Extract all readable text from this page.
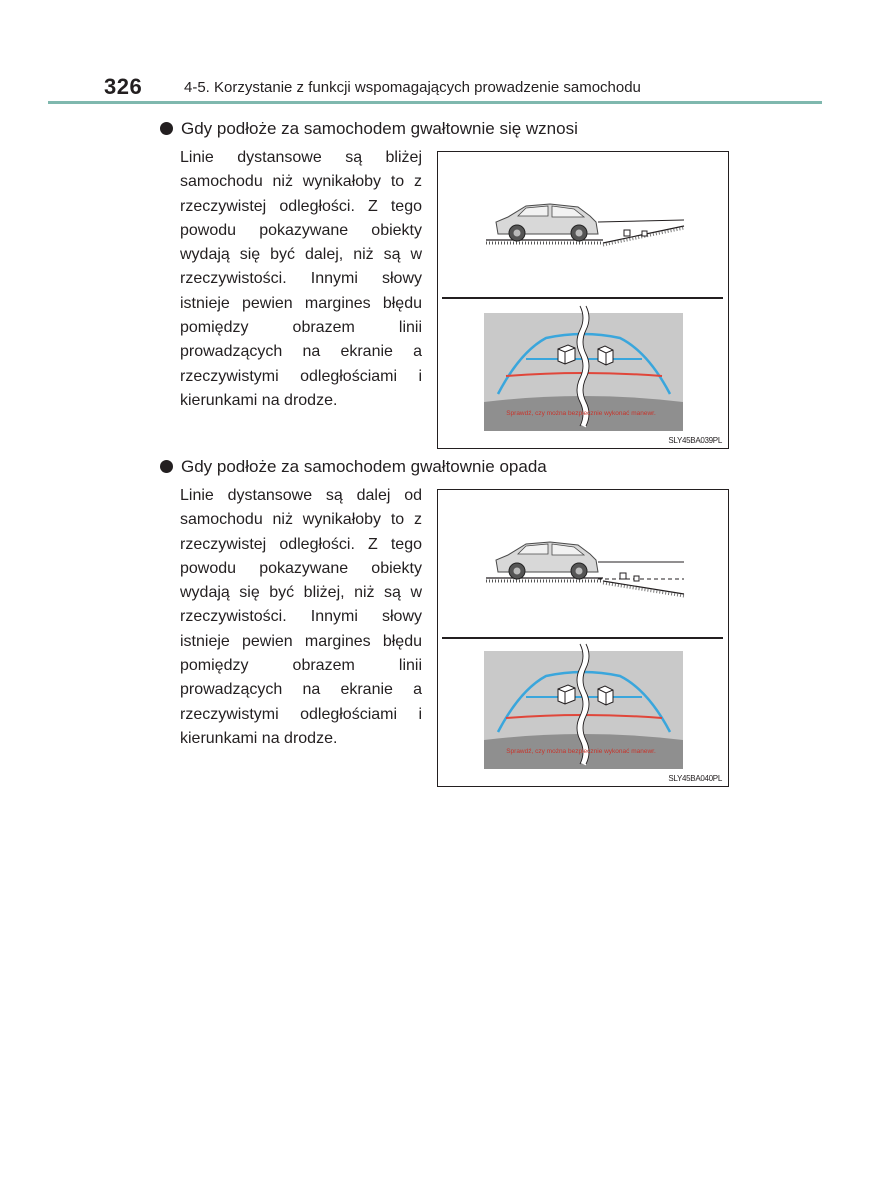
326	4-5. Korzystanie z funkcji wspomagających prowadzenie samochodu
Gdy podłoże za samochodem gwałtownie się wznosi
Linie dystansowe są bliżej samochodu niż wynikałoby to z rzeczywistej odległości. Z tego powodu pokazywane obiekty wydają się być dalej, niż są w rzeczywistości. Innymi słowy istnieje pewien margines błędu pomiędzy obrazem linii prowadzących na ekranie a rzeczywistymi odległościami i kierunkami na drodze.
Sprawdź, czy można bezpiecznie wykonać manewr.
SLY45BA039PL
Gdy podłoże za samochodem gwałtownie opada
Linie dystansowe są dalej od samochodu niż wynikałoby to z rzeczywistej odległości. Z tego powodu pokazywane obiekty wydają się być bliżej, niż są w rzeczywistości. Innymi słowy istnieje pewien margines błędu pomiędzy obrazem linii prowadzących na ekranie a rzeczywistymi odległościami i kierunkami na drodze.
Sprawdź, czy można bezpiecznie wykonać manewr.
SLY45BA040PL
